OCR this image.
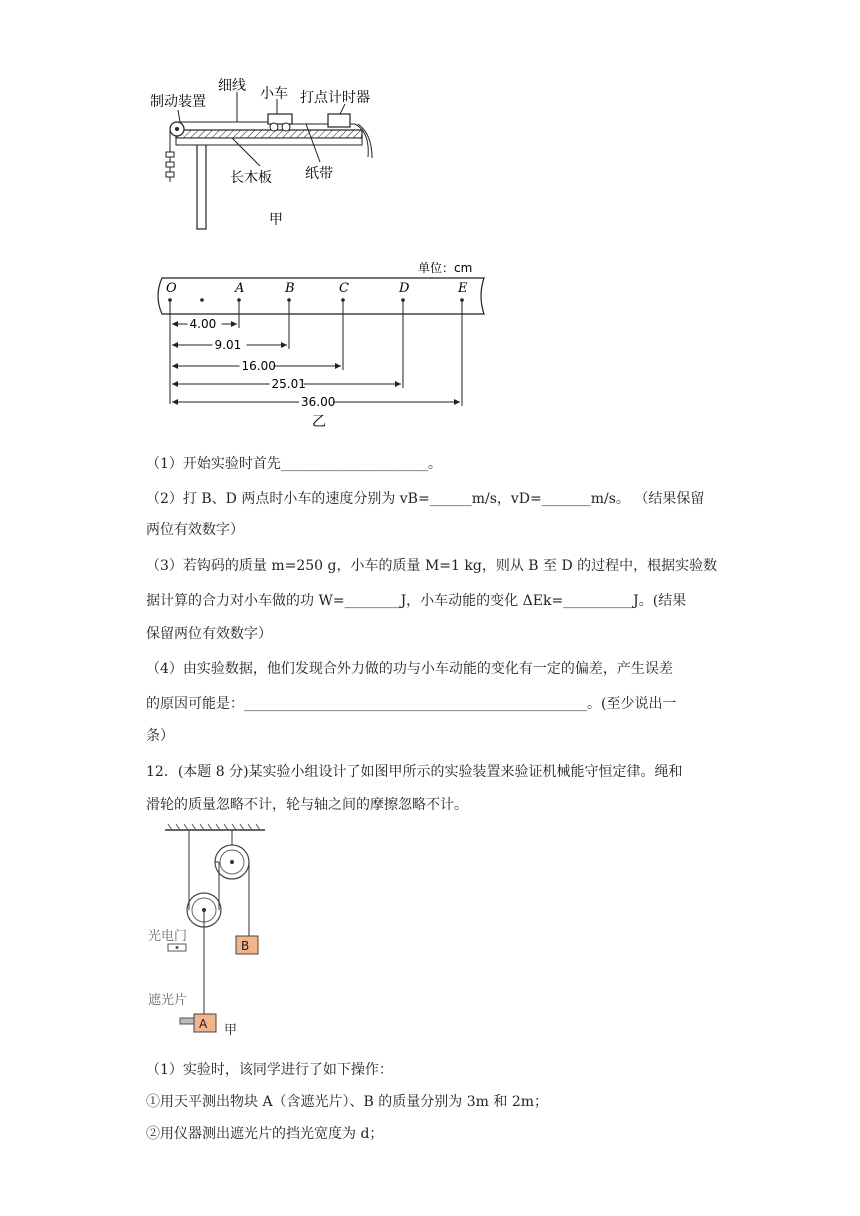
制动装置
细线 小车 打点计时器
长木板 纸带
甲
单位：cm
O	A	B	C	D	E
4.00
9.01
16.00
25.01
36.00
乙
（1）开始实验时首先_____________________。
（2）打 B、D 两点时小车的速度分别为 vB=______m/s，vD=_______m/s。 （结果保留
两位有效数字）
（3）若钩码的质量 m=250 g，小车的质量 M=1 kg，则从 B 至 D 的过程中，根据实验数
据计算的合力对小车做的功 W=________J，小车动能的变化 ΔEk=__________J。(结果
保留两位有效数字）
（4）由实验数据，他们发现合外力做的功与小车动能的变化有一定的偏差，产生误差
的原因可能是：_________________________________________________。(至少说出一
条）
12．(本题 8 分)某实验小组设计了如图甲所示的实验装置来验证机械能守恒定律。绳和
滑轮的质量忽略不计，轮与轴之间的摩擦忽略不计。
B
光电门
遮光片
A 甲
（1）实验时，该同学进行了如下操作：
①用天平测出物块 A（含遮光片）、B 的质量分别为 3m 和 2m；
②用仪器测出遮光片的挡光宽度为 d；
